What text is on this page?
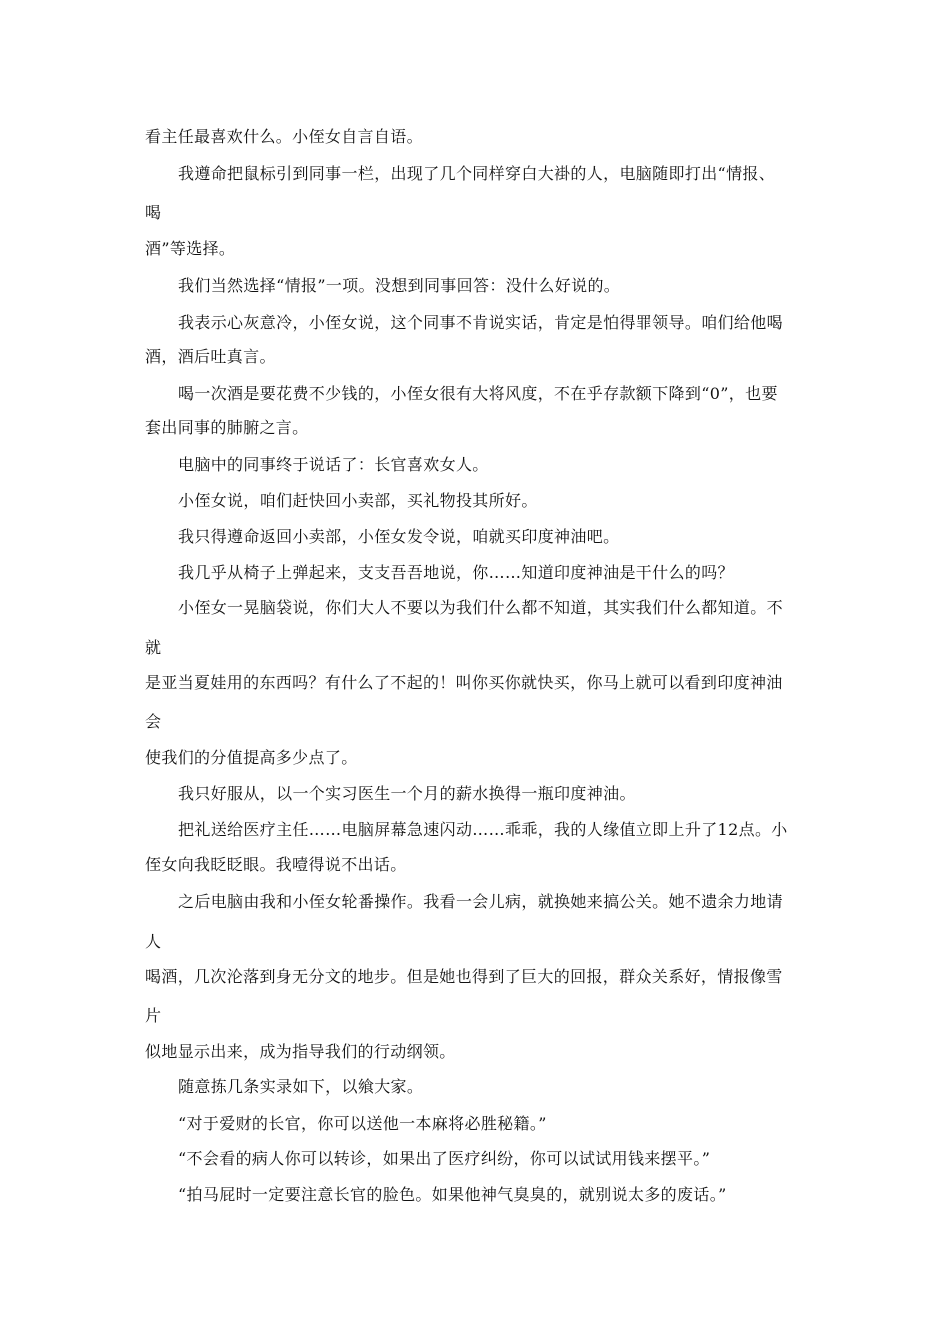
看主任最喜欢什么。小侄女自言自语。
我遵命把鼠标引到同事一栏，出现了几个同样穿白大褂的人，电脑随即打出“情报、
喝
酒”等选择。
我们当然选择“情报”一项。没想到同事回答：没什么好说的。
我表示心灰意冷，小侄女说，这个同事不肯说实话，肯定是怕得罪领导。咱们给他喝
酒，酒后吐真言。
喝一次酒是要花费不少钱的，小侄女很有大将风度，不在乎存款额下降到“0”，也要
套出同事的肺腑之言。
电脑中的同事终于说话了：长官喜欢女人。
小侄女说，咱们赶快回小卖部，买礼物投其所好。
我只得遵命返回小卖部，小侄女发令说，咱就买印度神油吧。
我几乎从椅子上弹起来，支支吾吾地说，你……知道印度神油是干什么的吗？
小侄女一晃脑袋说，你们大人不要以为我们什么都不知道，其实我们什么都知道。不
就
是亚当夏娃用的东西吗？有什么了不起的！叫你买你就快买，你马上就可以看到印度神油
会
使我们的分值提高多少点了。
我只好服从，以一个实习医生一个月的薪水换得一瓶印度神油。
把礼送给医疗主任……电脑屏幕急速闪动……乖乖，我的人缘值立即上升了12点。小
侄女向我眨眨眼。我噎得说不出话。
之后电脑由我和小侄女轮番操作。我看一会儿病，就换她来搞公关。她不遗余力地请
人
喝酒，几次沦落到身无分文的地步。但是她也得到了巨大的回报，群众关系好，情报像雪
片
似地显示出来，成为指导我们的行动纲领。
随意拣几条实录如下，以飨大家。
“对于爱财的长官，你可以送他一本麻将必胜秘籍。”
“不会看的病人你可以转诊，如果出了医疗纠纷，你可以试试用钱来摆平。”
“拍马屁时一定要注意长官的脸色。如果他神气臭臭的，就别说太多的废话。”
